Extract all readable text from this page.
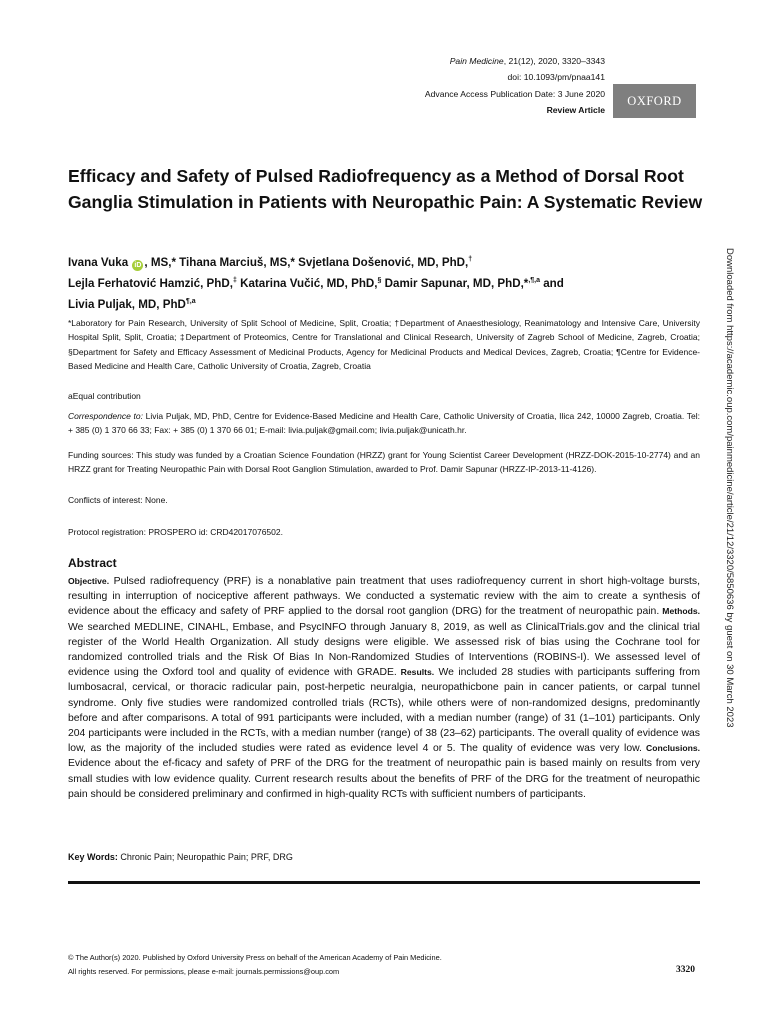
Pain Medicine, 21(12), 2020, 3320–3343
doi: 10.1093/pm/pnaa141
Advance Access Publication Date: 3 June 2020
Review Article
OXFORD
Efficacy and Safety of Pulsed Radiofrequency as a Method of Dorsal Root Ganglia Stimulation in Patients with Neuropathic Pain: A Systematic Review
Ivana Vuka iD , MS,* Tihana Marciuš, MS,* Svjetlana Došenović, MD, PhD,†
Lejla Ferhatović Hamzić, PhD,‡ Katarina Vučić, MD, PhD,§ Damir Sapunar, MD, PhD,*$^{,\P,a}$ and
Livia Puljak, MD, PhD$^{\P,a}$
*Laboratory for Pain Research, University of Split School of Medicine, Split, Croatia; †Department of Anaesthesiology, Reanimatology and Intensive Care, University Hospital Split, Split, Croatia; ‡Department of Proteomics, Centre for Translational and Clinical Research, University of Zagreb School of Medicine, Zagreb, Croatia; §Department for Safety and Efficacy Assessment of Medicinal Products, Agency for Medicinal Products and Medical Devices, Zagreb, Croatia; ¶Centre for Evidence-Based Medicine and Health Care, Catholic University of Croatia, Zagreb, Croatia
aEqual contribution
Correspondence to: Livia Puljak, MD, PhD, Centre for Evidence-Based Medicine and Health Care, Catholic University of Croatia, Ilica 242, 10000 Zagreb, Croatia. Tel: + 385 (0) 1 370 66 33; Fax: + 385 (0) 1 370 66 01; E-mail: livia.puljak@gmail.com; livia.puljak@unicath.hr.
Funding sources: This study was funded by a Croatian Science Foundation (HRZZ) grant for Young Scientist Career Development (HRZZ-DOK-2015-10-2774) and an HRZZ grant for Treating Neuropathic Pain with Dorsal Root Ganglion Stimulation, awarded to Prof. Damir Sapunar (HRZZ-IP-2013-11-4126).
Conflicts of interest: None.
Protocol registration: PROSPERO id: CRD42017076502.
Abstract
Objective. Pulsed radiofrequency (PRF) is a nonablative pain treatment that uses radiofrequency current in short high-voltage bursts, resulting in interruption of nociceptive afferent pathways. We conducted a systematic review with the aim to create a synthesis of evidence about the efficacy and safety of PRF applied to the dorsal root ganglion (DRG) for the treatment of neuropathic pain. Methods. We searched MEDLINE, CINAHL, Embase, and PsycINFO through January 8, 2019, as well as ClinicalTrials.gov and the clinical trial register of the World Health Organization. All study designs were eligible. We assessed risk of bias using the Cochrane tool for randomized controlled trials and the Risk Of Bias In Non-Randomized Studies of Interventions (ROBINS-I). We assessed level of evidence using the Oxford tool and quality of evidence with GRADE. Results. We included 28 studies with participants suffering from lumbosacral, cervical, or thoracic radicular pain, post-herpetic neuralgia, neuropathicbone pain in cancer patients, or carpal tunnel syndrome. Only five studies were randomized controlled trials (RCTs), while others were of non-randomized designs, predominantly before and after comparisons. A total of 991 participants were included, with a median number (range) of 31 (1–101) participants. Only 204 participants were included in the RCTs, with a median number (range) of 38 (23–62) participants. The overall quality of evidence was low, as the majority of the included studies were rated as evidence level 4 or 5. The quality of evidence was very low. Conclusions. Evidence about the ef-ficacy and safety of PRF of the DRG for the treatment of neuropathic pain is based mainly on results from very small studies with low evidence quality. Current research results about the benefits of PRF of the DRG for the treatment of neuropathic pain should be considered preliminary and confirmed in high-quality RCTs with sufficient numbers of participants.
Key Words: Chronic Pain; Neuropathic Pain; PRF, DRG
© The Author(s) 2020. Published by Oxford University Press on behalf of the American Academy of Pain Medicine.
All rights reserved. For permissions, please e-mail: journals.permissions@oup.com	3320
Downloaded from https://academic.oup.com/painmedicine/article/21/12/3320/5850636 by guest on 30 March 2023
